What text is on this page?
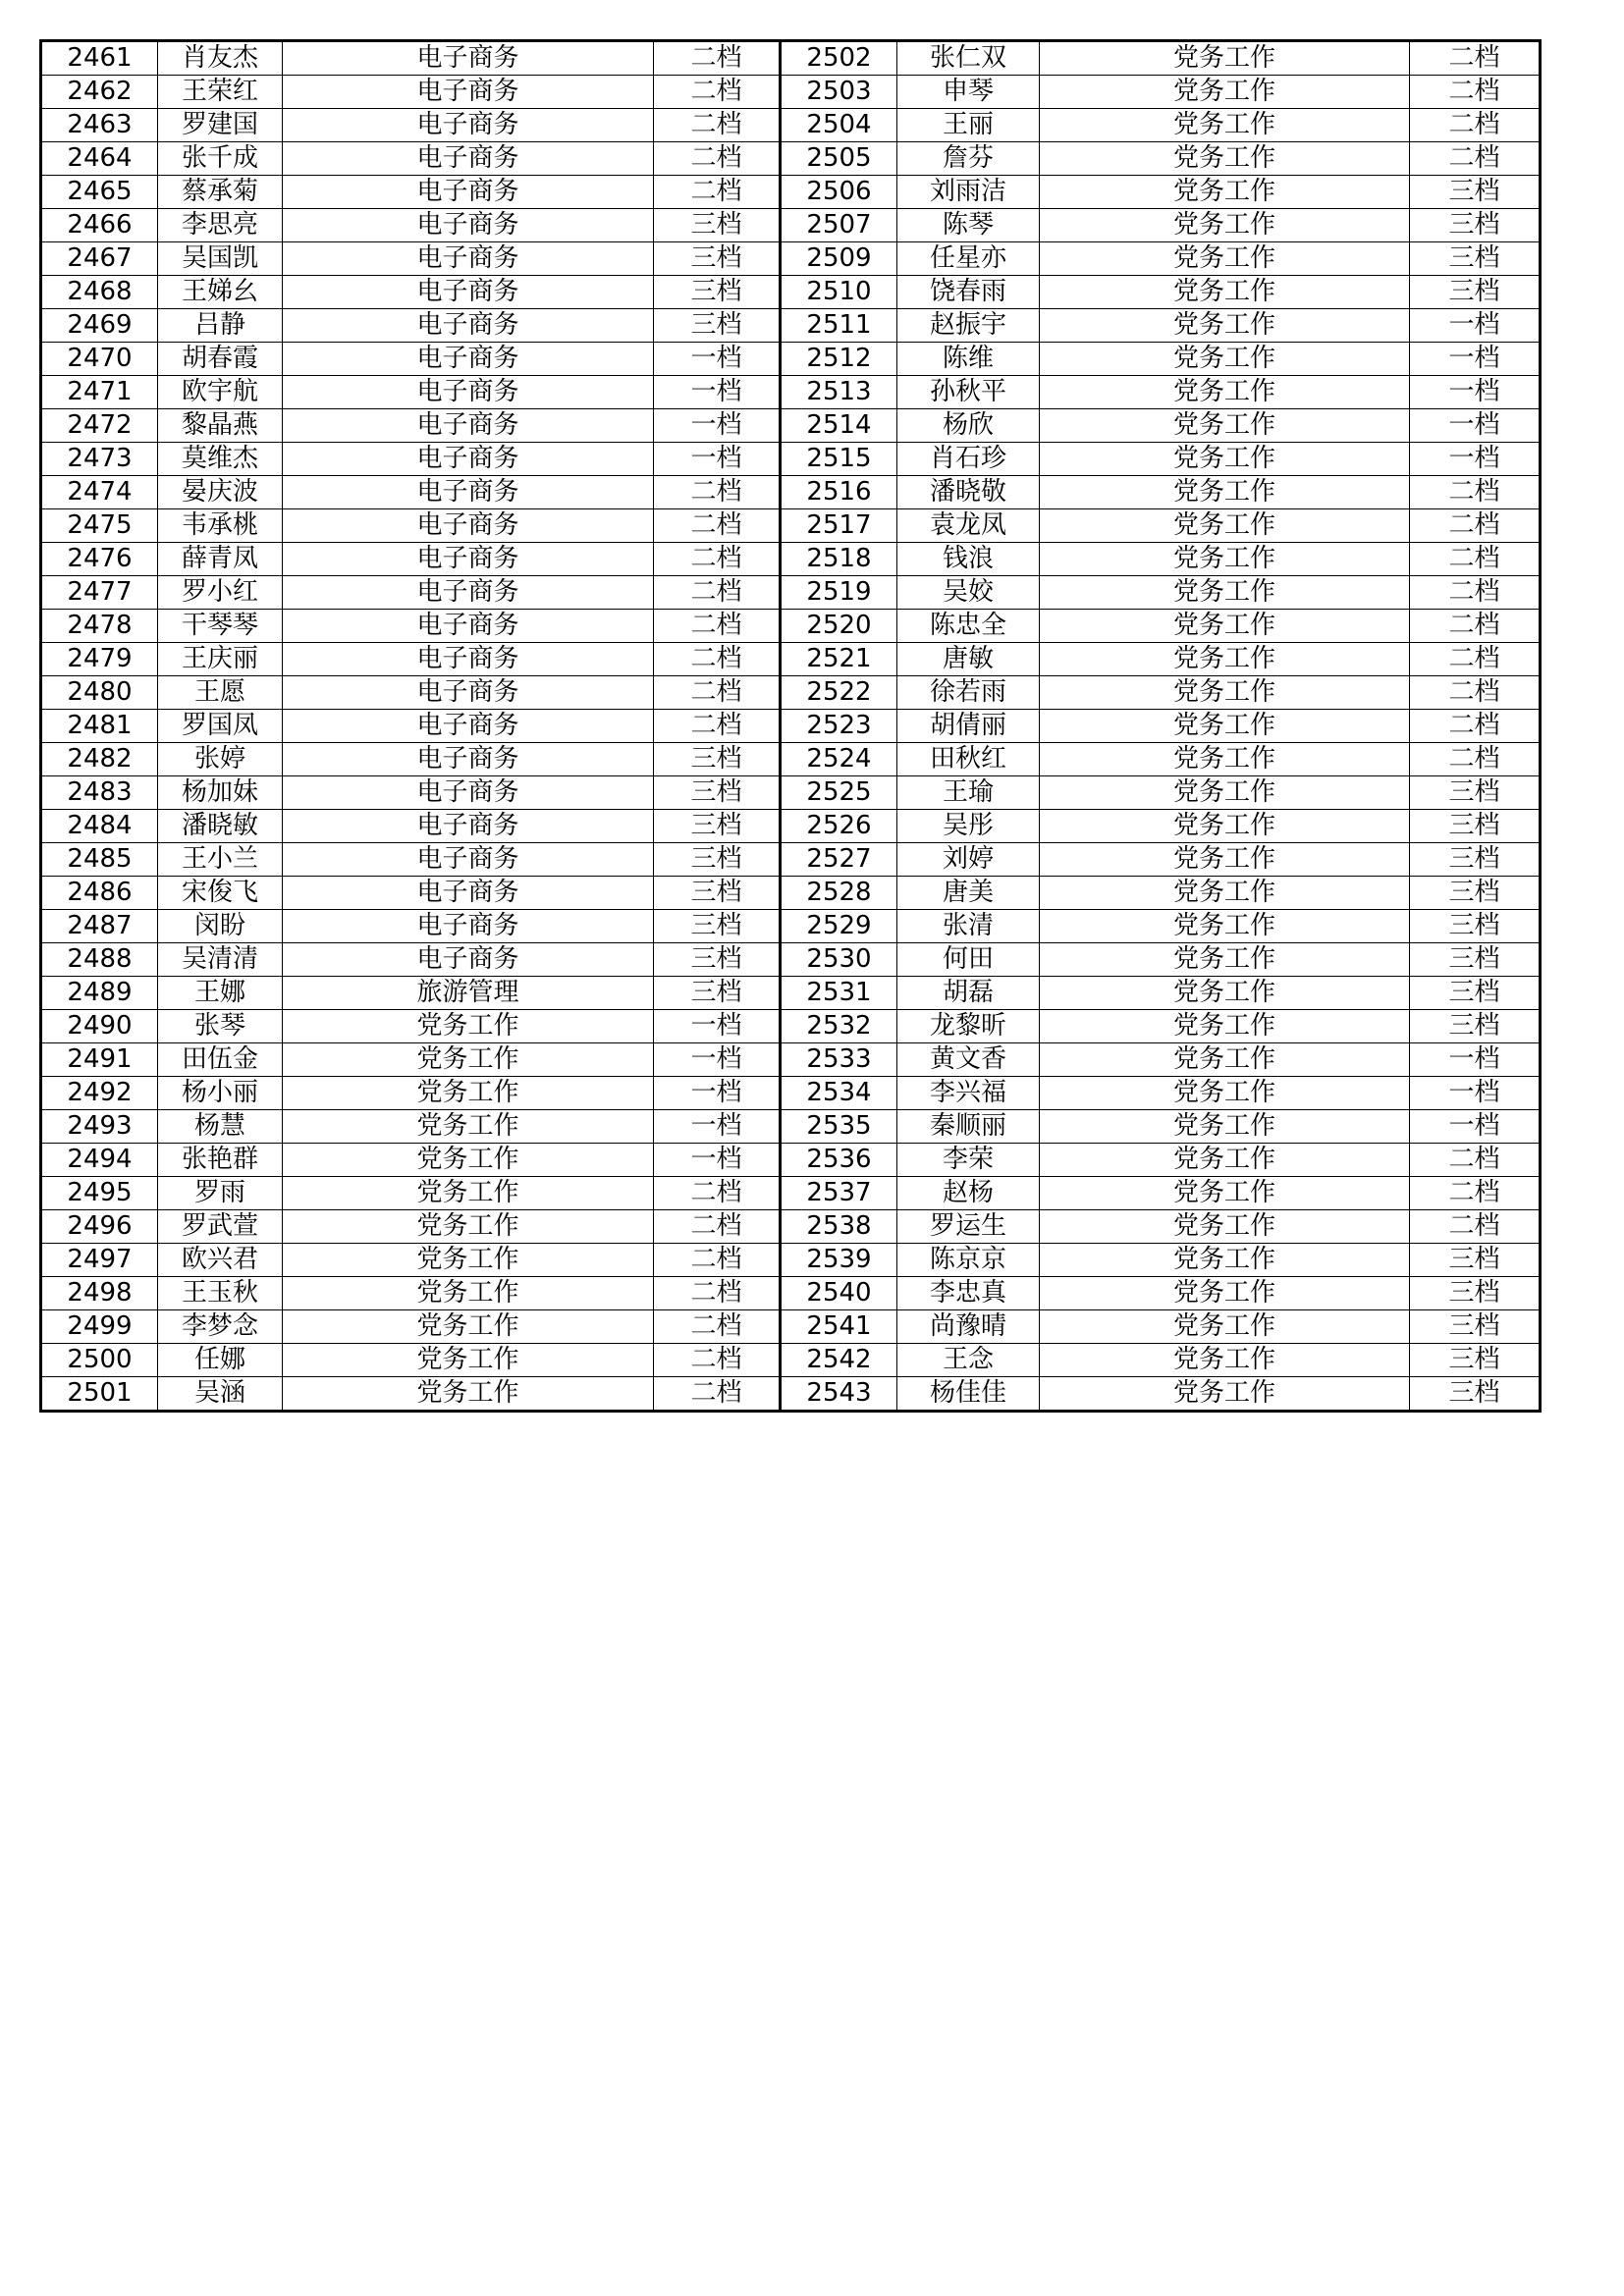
2461	肖友杰	电子商务	二档	2502	张仁双	党务工作	二档
2462	王荣红	电子商务	二档	2503	申琴	党务工作	二档
2463	罗建国	电子商务	二档	2504	王丽	党务工作	二档
2464	张千成	电子商务	二档	2505	詹芬	党务工作	二档
2465	蔡承菊	电子商务	二档	2506	刘雨洁	党务工作	三档
2466	李思亮	电子商务	三档	2507	陈琴	党务工作	三档
2467	吴国凯	电子商务	三档	2509	任星亦	党务工作	三档
2468	王娣幺	电子商务	三档	2510	饶春雨	党务工作	三档
2469	吕静	电子商务	三档	2511	赵振宇	党务工作	一档
2470	胡春霞	电子商务	一档	2512	陈维	党务工作	一档
2471	欧宇航	电子商务	一档	2513	孙秋平	党务工作	一档
2472	黎晶燕	电子商务	一档	2514	杨欣	党务工作	一档
2473	莫维杰	电子商务	一档	2515	肖石珍	党务工作	一档
2474	晏庆波	电子商务	二档	2516	潘晓敬	党务工作	二档
2475	韦承桃	电子商务	二档	2517	袁龙凤	党务工作	二档
2476	薛青凤	电子商务	二档	2518	钱浪	党务工作	二档
2477	罗小红	电子商务	二档	2519	吴姣	党务工作	二档
2478	干琴琴	电子商务	二档	2520	陈忠全	党务工作	二档
2479	王庆丽	电子商务	二档	2521	唐敏	党务工作	二档
2480	王愿	电子商务	二档	2522	徐若雨	党务工作	二档
2481	罗国凤	电子商务	二档	2523	胡倩丽	党务工作	二档
2482	张婷	电子商务	三档	2524	田秋红	党务工作	二档
2483	杨加妹	电子商务	三档	2525	王瑜	党务工作	三档
2484	潘晓敏	电子商务	三档	2526	吴彤	党务工作	三档
2485	王小兰	电子商务	三档	2527	刘婷	党务工作	三档
2486	宋俊飞	电子商务	三档	2528	唐美	党务工作	三档
2487	闵盼	电子商务	三档	2529	张清	党务工作	三档
2488	吴清清	电子商务	三档	2530	何田	党务工作	三档
2489	王娜	旅游管理	三档	2531	胡磊	党务工作	三档
2490	张琴	党务工作	一档	2532	龙黎昕	党务工作	三档
2491	田伍金	党务工作	一档	2533	黄文香	党务工作	一档
2492	杨小丽	党务工作	一档	2534	李兴福	党务工作	一档
2493	杨慧	党务工作	一档	2535	秦顺丽	党务工作	一档
2494	张艳群	党务工作	一档	2536	李荣	党务工作	二档
2495	罗雨	党务工作	二档	2537	赵杨	党务工作	二档
2496	罗武萱	党务工作	二档	2538	罗运生	党务工作	二档
2497	欧兴君	党务工作	二档	2539	陈京京	党务工作	三档
2498	王玉秋	党务工作	二档	2540	李忠真	党务工作	三档
2499	李梦念	党务工作	二档	2541	尚豫晴	党务工作	三档
2500	任娜	党务工作	二档	2542	王念	党务工作	三档
2501	吴涵	党务工作	二档	2543	杨佳佳	党务工作	三档
